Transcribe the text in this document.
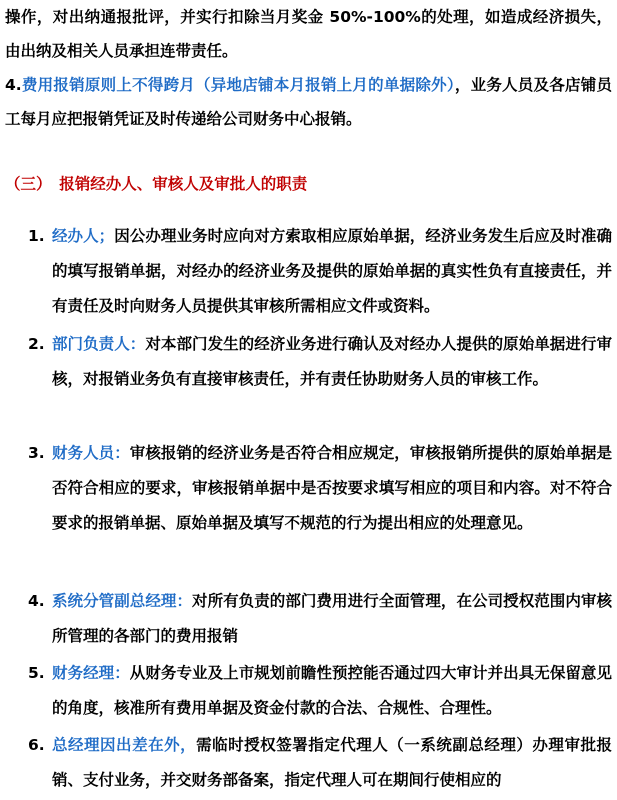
操作，对出纳通报批评，并实行扣除当月奖金 50%-100%的处理，如造成经济损失，由出纳及相关人员承担连带责任。
4.费用报销原则上不得跨月（异地店铺本月报销上月的单据除外），业务人员及各店铺员工每月应把报销凭证及时传递给公司财务中心报销。
（三）　报销经办人、审核人及审批人的职责
1. 经办人；因公办理业务时应向对方索取相应原始单据，经济业务发生后应及时准确的填写报销单据，对经办的经济业务及提供的原始单据的真实性负有直接责任，并有责任及时向财务人员提供其审核所需相应文件或资料。
2. 部门负责人：对本部门发生的经济业务进行确认及对经办人提供的原始单据进行审核，对报销业务负有直接审核责任，并有责任协助财务人员的审核工作。
3. 财务人员：审核报销的经济业务是否符合相应规定，审核报销所提供的原始单据是否符合相应的要求，审核报销单据中是否按要求填写相应的项目和内容。对不符合要求的报销单据、原始单据及填写不规范的行为提出相应的处理意见。
4. 系统分管副总经理：对所有负责的部门费用进行全面管理，在公司授权范围内审核所管理的各部门的费用报销
5. 财务经理：从财务专业及上市规划前瞻性预控能否通过四大审计并出具无保留意见的角度，核准所有费用单据及资金付款的合法、合规性、合理性。
6. 总经理因出差在外，需临时授权签署指定代理人（一系统副总经理）办理审批报销、支付业务，并交财务部备案，指定代理人可在期间行使相应的
